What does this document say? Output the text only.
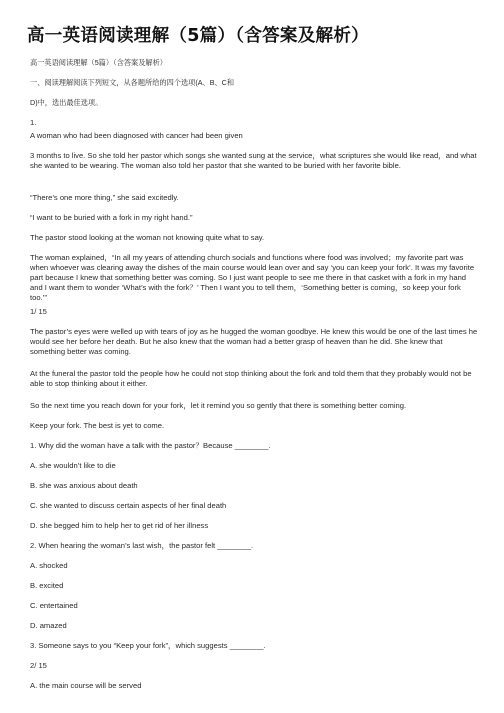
高一英语阅读理解（5篇）（含答案及解析）

高一英语阅读理解（5篇）（含答案及解析）

一、阅读理解阅读下列短文，从各题所给的四个选项(A、B、C和

D)中，选出最佳选项。

1.

A woman who had been diagnosed with cancer had been given

3 months to live. So she told her pastor which songs she wanted sung at the service，what scriptures she would like read，and what she wanted to be wearing. The woman also told her pastor that she wanted to be buried with her favorite bible.

“There’s one more thing,” she said excitedly.

“I want to be buried with a fork in my right hand.”

The pastor stood looking at the woman not knowing quite what to say.

The woman explained，“In all my years of attending church socials and functions where food was involved；my favorite part was when whoever was clearing away the dishes of the main course would lean over and say ‘you can keep your fork’. It was my favorite part because I knew that something better was coming. So I just want people to see me there in that casket with a fork in my hand and I want them to wonder ‘What’s with the fork？’ Then I want you to tell them，‘Something better is coming，so keep your fork too.’”

1/ 15

The pastor’s eyes were welled up with tears of joy as he hugged the woman goodbye. He knew this would be one of the last times he would see her before her death. But he also knew that the woman had a better grasp of heaven than he did. She knew that something better was coming.

At the funeral the pastor told the people how he could not stop thinking about the fork and told them that they probably would not be able to stop thinking about it either.

So the next time you reach down for your fork，let it remind you so gently that there is something better coming.

Keep your fork. The best is yet to come.

1. Why did the woman have a talk with the pastor？Because ________.

A. she wouldn’t like to die

B. she was anxious about death

C. she wanted to discuss certain aspects of her final death

D. she begged him to help her to get rid of her illness

2. When hearing the woman’s last wish，the pastor felt ________.

A. shocked

B. excited

C. entertained

D. amazed

3. Someone says to you “Keep your fork”，which suggests ________.

2/ 15

A. the main course will be served
